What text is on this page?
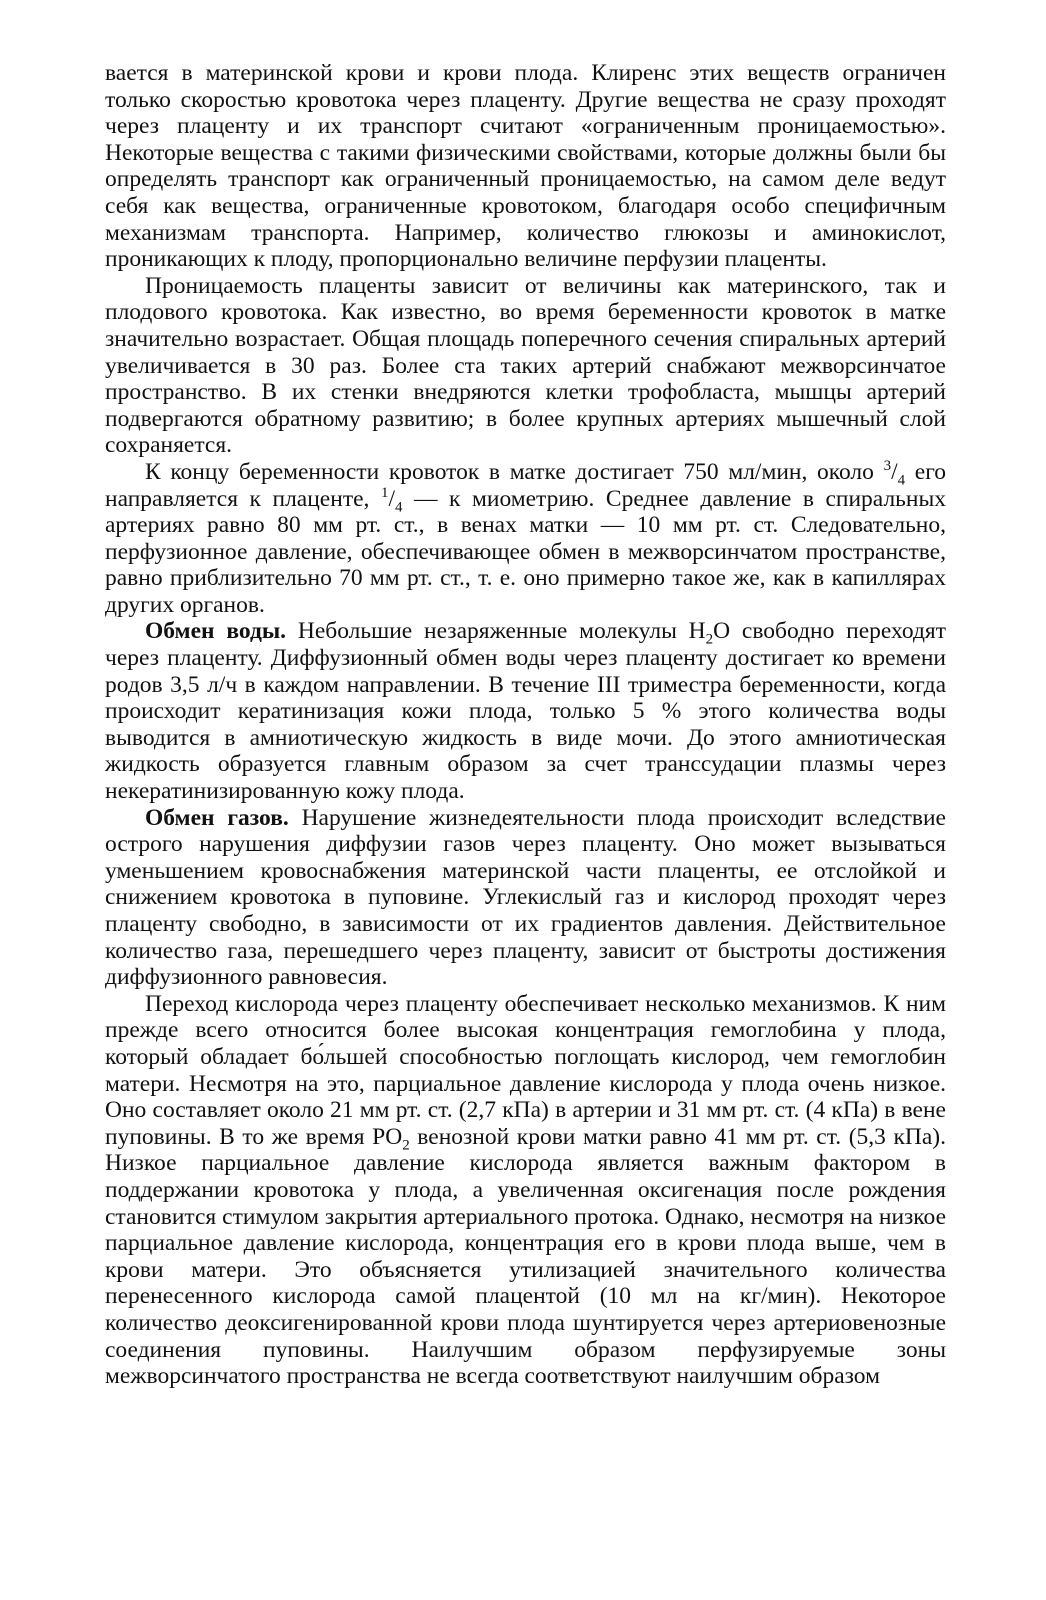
вается в материнской крови и крови плода. Клиренс этих веществ ограничен только скоростью кровотока через плаценту. Другие вещества не сразу проходят через плаценту и их транспорт считают «ограниченным проницаемостью». Некоторые вещества с такими физическими свойствами, которые должны были бы определять транспорт как ограниченный проницаемостью, на самом деле ведут себя как вещества, ограниченные кровотоком, благодаря особо специфичным механизмам транспорта. Например, количество глюкозы и аминокислот, проникающих к плоду, пропорционально величине перфузии плаценты.

Проницаемость плаценты зависит от величины как материнского, так и плодового кровотока. Как известно, во время беременности кровоток в матке значительно возрастает. Общая площадь поперечного сечения спиральных артерий увеличивается в 30 раз. Более ста таких артерий снабжают межворсинчатое пространство. В их стенки внедряются клетки трофобласта, мышцы артерий подвергаются обратному развитию; в более крупных артериях мышечный слой сохраняется.

К концу беременности кровоток в матке достигает 750 мл/мин, около $^3/_4$ его направляется к плаценте, $^1/_4$ — к миометрию. Среднее давление в спиральных артериях равно 80 мм рт. ст., в венах матки — 10 мм рт. ст. Следовательно, перфузионное давление, обеспечивающее обмен в межворсинчатом пространстве, равно приблизительно 70 мм рт. ст., т. е. оно примерно такое же, как в капиллярах других органов.

Обмен воды. Небольшие незаряженные молекулы $H_2O$ свободно переходят через плаценту. Диффузионный обмен воды через плаценту достигает ко времени родов 3,5 л/ч в каждом направлении. В течение III триместра беременности, когда происходит кератинизация кожи плода, только 5 % этого количества воды выводится в амниотическую жидкость в виде мочи. До этого амниотическая жидкость образуется главным образом за счет транссудации плазмы через некератинизированную кожу плода.

Обмен газов. Нарушение жизнедеятельности плода происходит вследствие острого нарушения диффузии газов через плаценту. Оно может вызываться уменьшением кровоснабжения материнской части плаценты, ее отслойкой и снижением кровотока в пуповине. Углекислый газ и кислород проходят через плаценту свободно, в зависимости от их градиентов давления. Действительное количество газа, перешедшего через плаценту, зависит от быстроты достижения диффузионного равновесия.

Переход кислорода через плаценту обеспечивает несколько механизмов. К ним прежде всего относится более высокая концентрация гемоглобина у плода, который обладает бо́льшей способностью поглощать кислород, чем гемоглобин матери. Несмотря на это, парциальное давление кислорода у плода очень низкое. Оно составляет около 21 мм рт. ст. (2,7 кПа) в артерии и 31 мм рт. ст. (4 кПа) в вене пуповины. В то же время $PO_2$ венозной крови матки равно 41 мм рт. ст. (5,3 кПа). Низкое парциальное давление кислорода является важным фактором в поддержании кровотока у плода, а увеличенная оксигенация после рождения становится стимулом закрытия артериального протока. Однако, несмотря на низкое парциальное давление кислорода, концентрация его в крови плода выше, чем в крови матери. Это объясняется утилизацией значительного количества перенесенного кислорода самой плацентой (10 мл на кг/мин). Некоторое количество деоксигенированной крови плода шунтируется через артериовенозные соединения пуповины. Наилучшим образом перфузируемые зоны межворсинчатого пространства не всегда соответствуют наилучшим образом
